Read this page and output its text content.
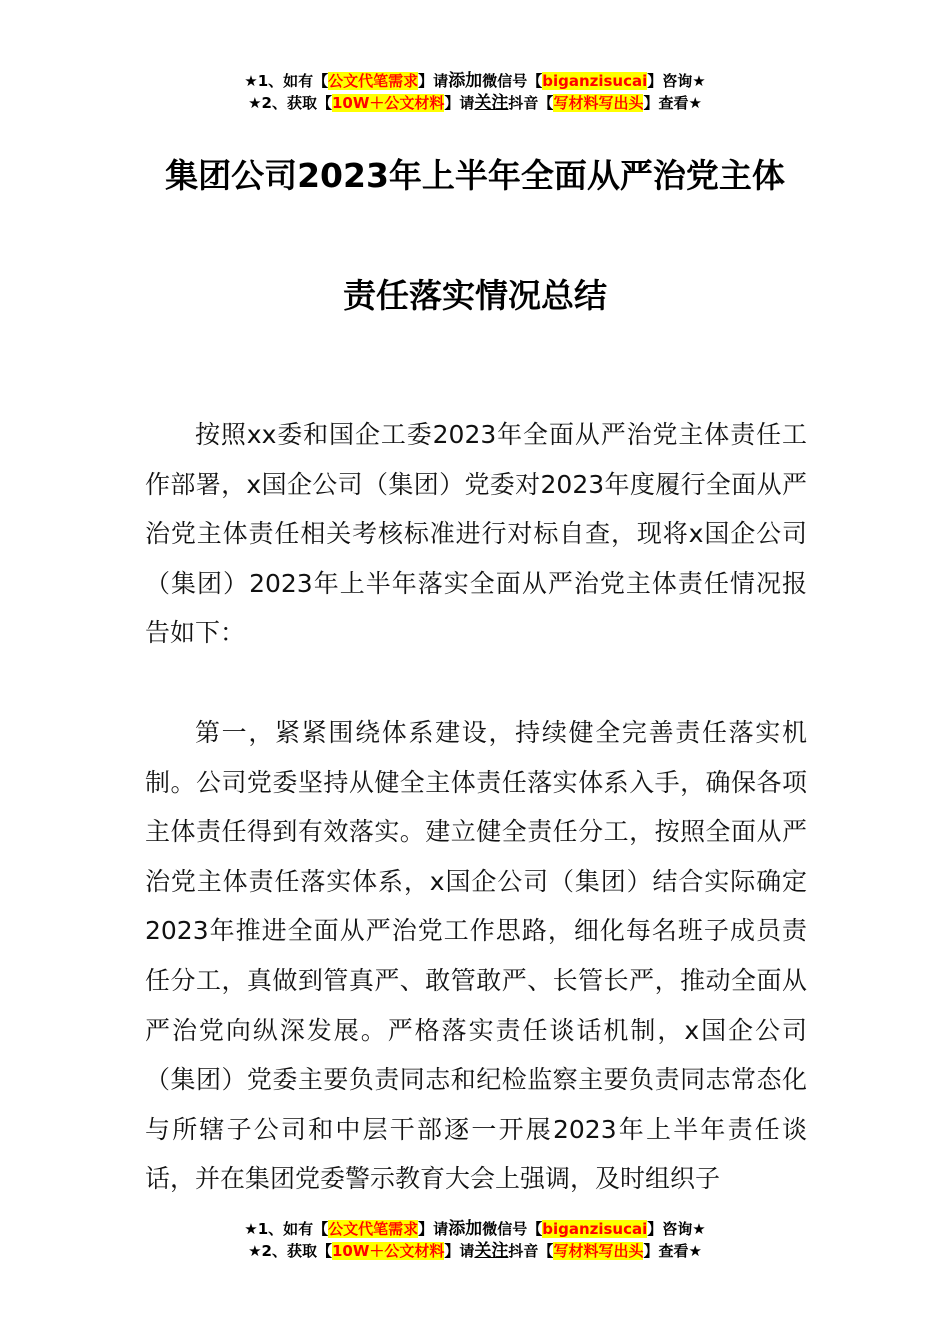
★1、如有【公文代笔需求】请添加微信号【biganzisucai】咨询★
★2、获取【10W＋公文材料】请关注抖音【写材料写出头】查看★
集团公司2023年上半年全面从严治党主体
责任落实情况总结

按照xx委和国企工委2023年全面从严治党主体责任工作部署，x国企公司（集团）党委对2023年度履行全面从严治党主体责任相关考核标准进行对标自查，现将x国企公司（集团）2023年上半年落实全面从严治党主体责任情况报告如下：

第一，紧紧围绕体系建设，持续健全完善责任落实机制。公司党委坚持从健全主体责任落实体系入手，确保各项主体责任得到有效落实。建立健全责任分工，按照全面从严治党主体责任落实体系，x国企公司（集团）结合实际确定2023年推进全面从严治党工作思路，细化每名班子成员责任分工，真做到管真严、敢管敢严、长管长严，推动全面从严治党向纵深发展。严格落实责任谈话机制，x国企公司（集团）党委主要负责同志和纪检监察主要负责同志常态化与所辖子公司和中层干部逐一开展2023年上半年责任谈话，并在集团党委警示教育大会上强调，及时组织子

★1、如有【公文代笔需求】请添加微信号【biganzisucai】咨询★
★2、获取【10W＋公文材料】请关注抖音【写材料写出头】查看★
